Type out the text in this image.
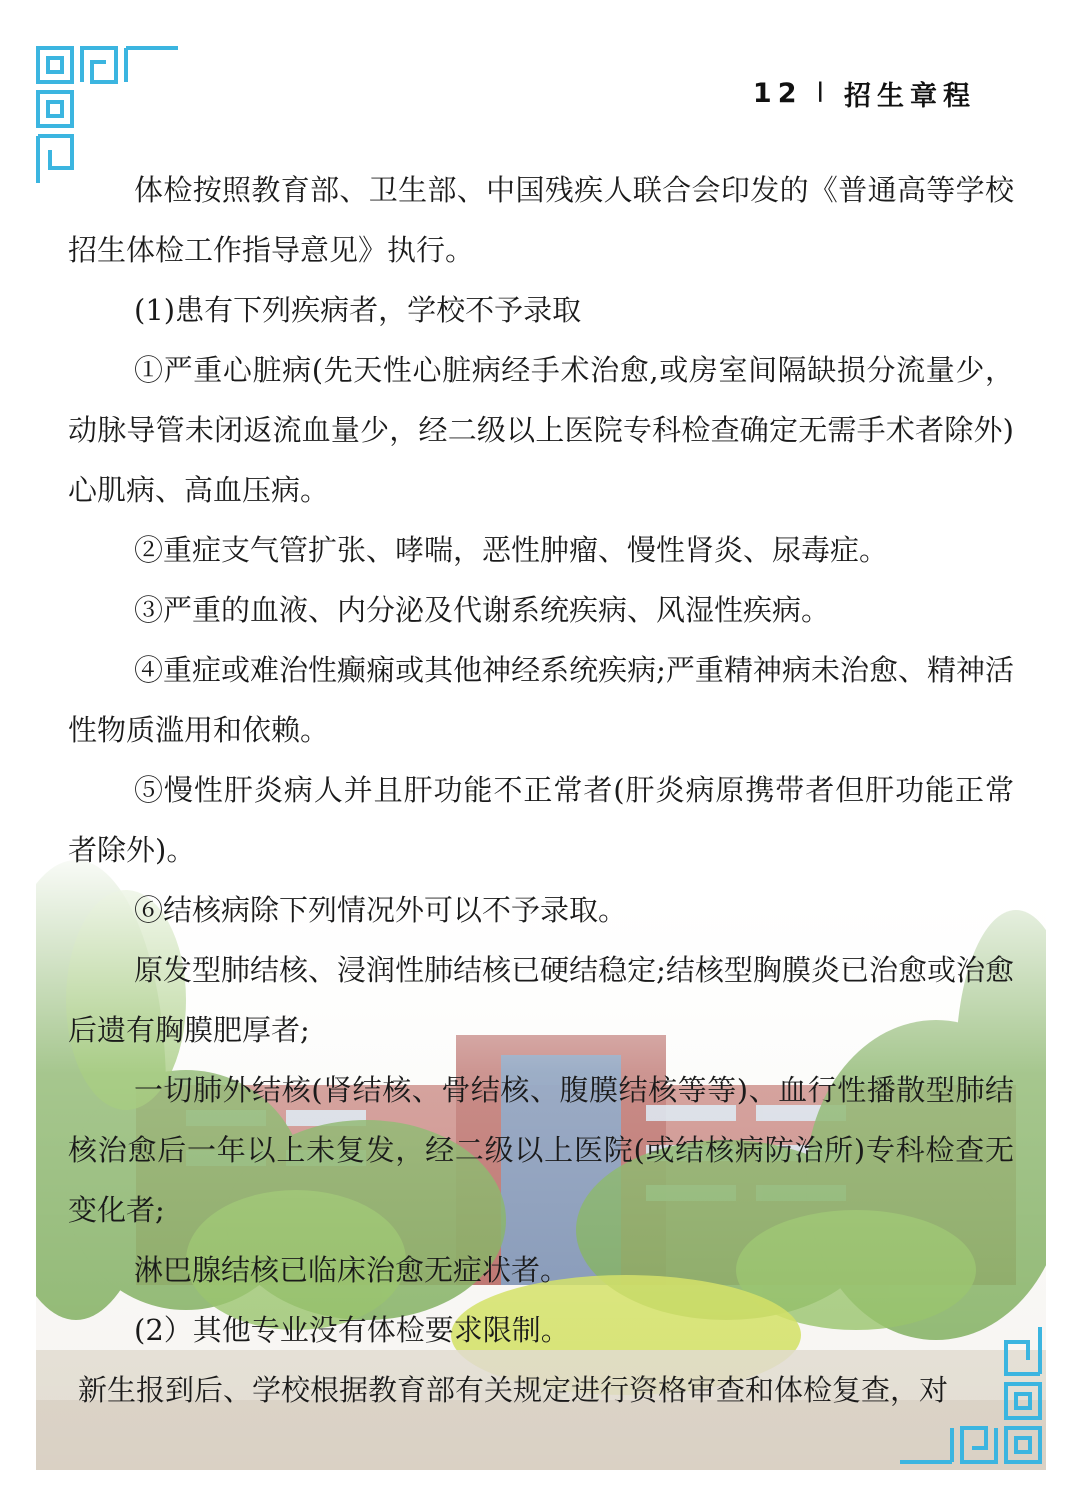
12 l 招生章程

体检按照教育部、卫生部、中国残疾人联合会印发的《普通高等学校招生体检工作指导意见》执行。

(1)患有下列疾病者，学校不予录取

①严重心脏病(先天性心脏病经手术治愈,或房室间隔缺损分流量少，动脉导管未闭返流血量少，经二级以上医院专科检查确定无需手术者除外)心肌病、高血压病。

②重症支气管扩张、哮喘，恶性肿瘤、慢性肾炎、尿毒症。

③严重的血液、内分泌及代谢系统疾病、风湿性疾病。

④重症或难治性癫痫或其他神经系统疾病;严重精神病未治愈、精神活性物质滥用和依赖。

⑤慢性肝炎病人并且肝功能不正常者(肝炎病原携带者但肝功能正常者除外)。

⑥结核病除下列情况外可以不予录取。

原发型肺结核、浸润性肺结核已硬结稳定;结核型胸膜炎已治愈或治愈后遗有胸膜肥厚者;

一切肺外结核(肾结核、骨结核、腹膜结核等等)、血行性播散型肺结核治愈后一年以上未复发，经二级以上医院(或结核病防治所)专科检查无变化者;

淋巴腺结核已临床治愈无症状者。

(2）其他专业没有体检要求限制。

新生报到后、学校根据教育部有关规定进行资格审查和体检复查，对
